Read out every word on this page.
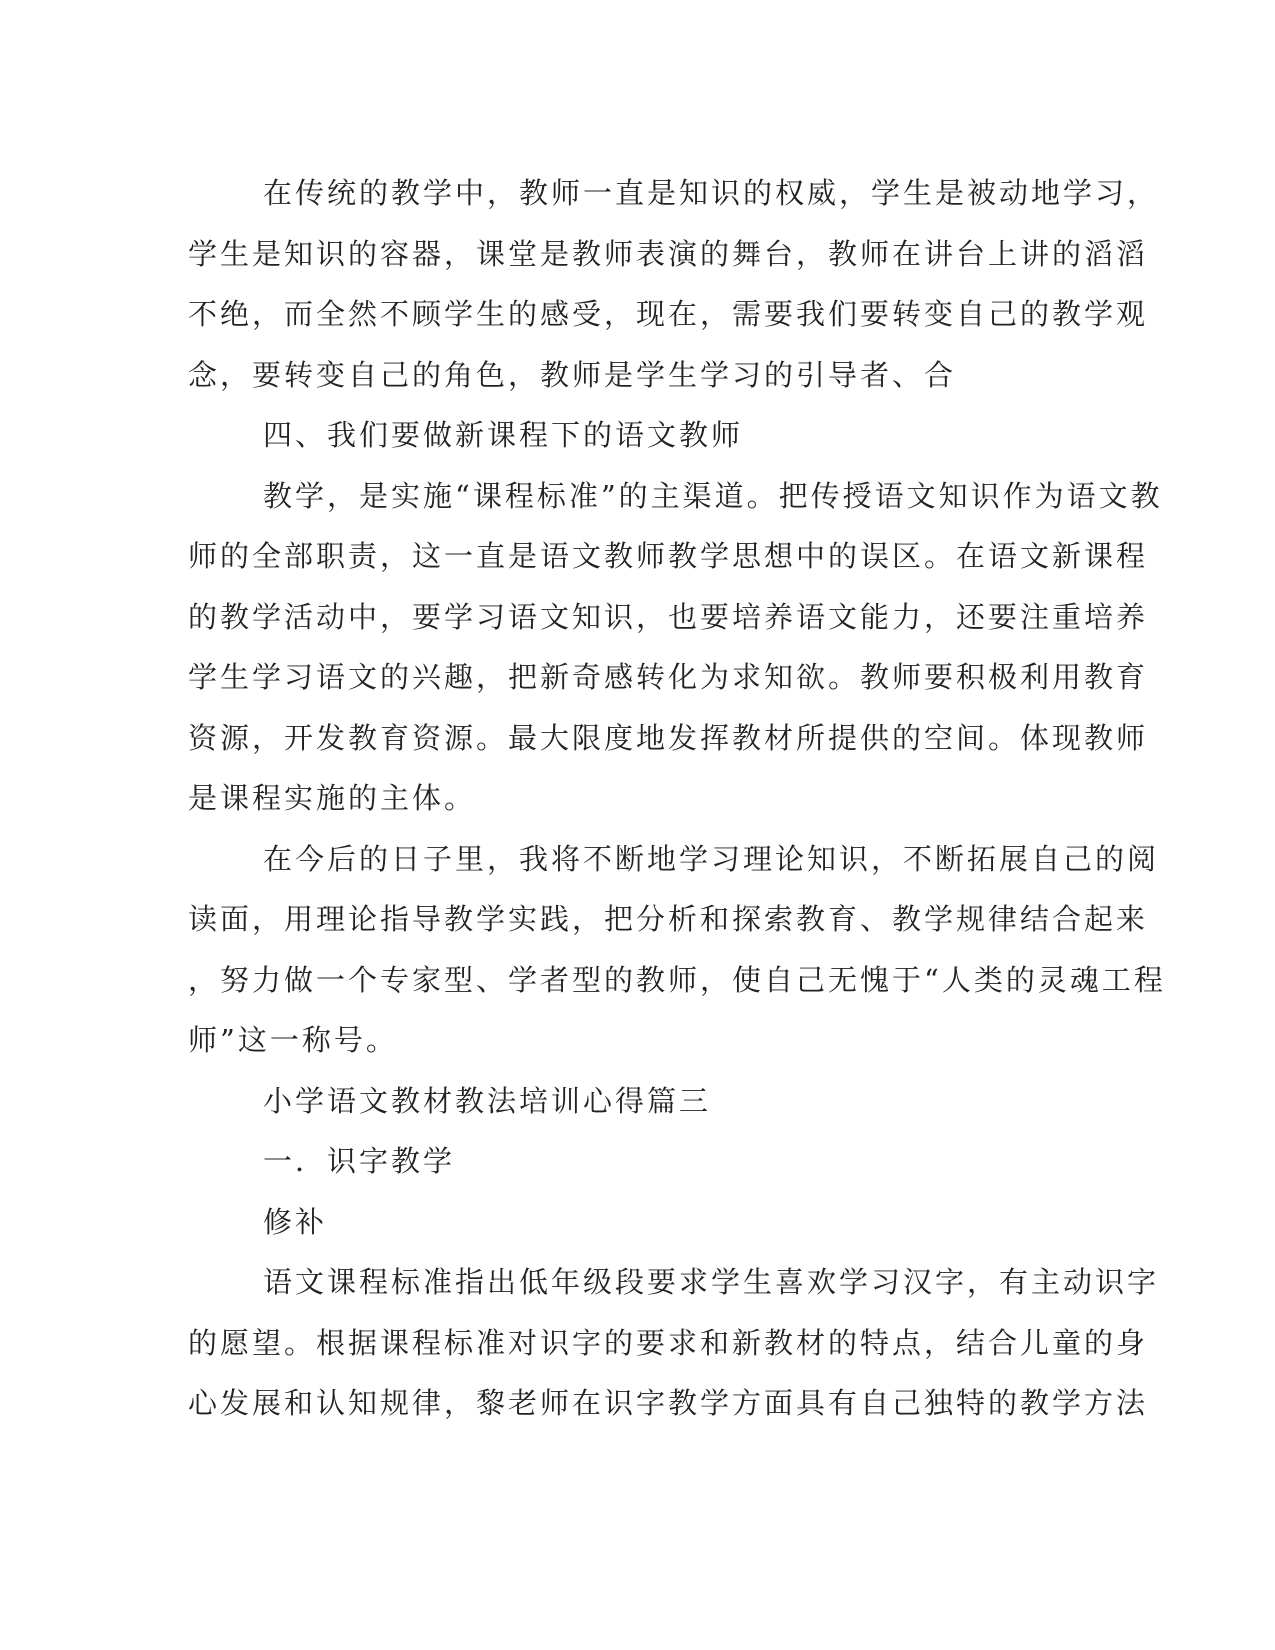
在传统的教学中，教师一直是知识的权威，学生是被动地学习，
学生是知识的容器，课堂是教师表演的舞台，教师在讲台上讲的滔滔
不绝，而全然不顾学生的感受，现在，需要我们要转变自己的教学观
念，要转变自己的角色，教师是学生学习的引导者、合
四、我们要做新课程下的语文教师
教学，是实施“课程标准”的主渠道。把传授语文知识作为语文教
师的全部职责，这一直是语文教师教学思想中的误区。在语文新课程
的教学活动中，要学习语文知识，也要培养语文能力，还要注重培养
学生学习语文的兴趣，把新奇感转化为求知欲。教师要积极利用教育
资源，开发教育资源。最大限度地发挥教材所提供的空间。体现教师
是课程实施的主体。
在今后的日子里，我将不断地学习理论知识，不断拓展自己的阅
读面，用理论指导教学实践，把分析和探索教育、教学规律结合起来
，努力做一个专家型、学者型的教师，使自己无愧于“人类的灵魂工程
师”这一称号。
小学语文教材教法培训心得篇三
一．识字教学
修补
语文课程标准指出低年级段要求学生喜欢学习汉字，有主动识字
的愿望。根据课程标准对识字的要求和新教材的特点，结合儿童的身
心发展和认知规律，黎老师在识字教学方面具有自己独特的教学方法
